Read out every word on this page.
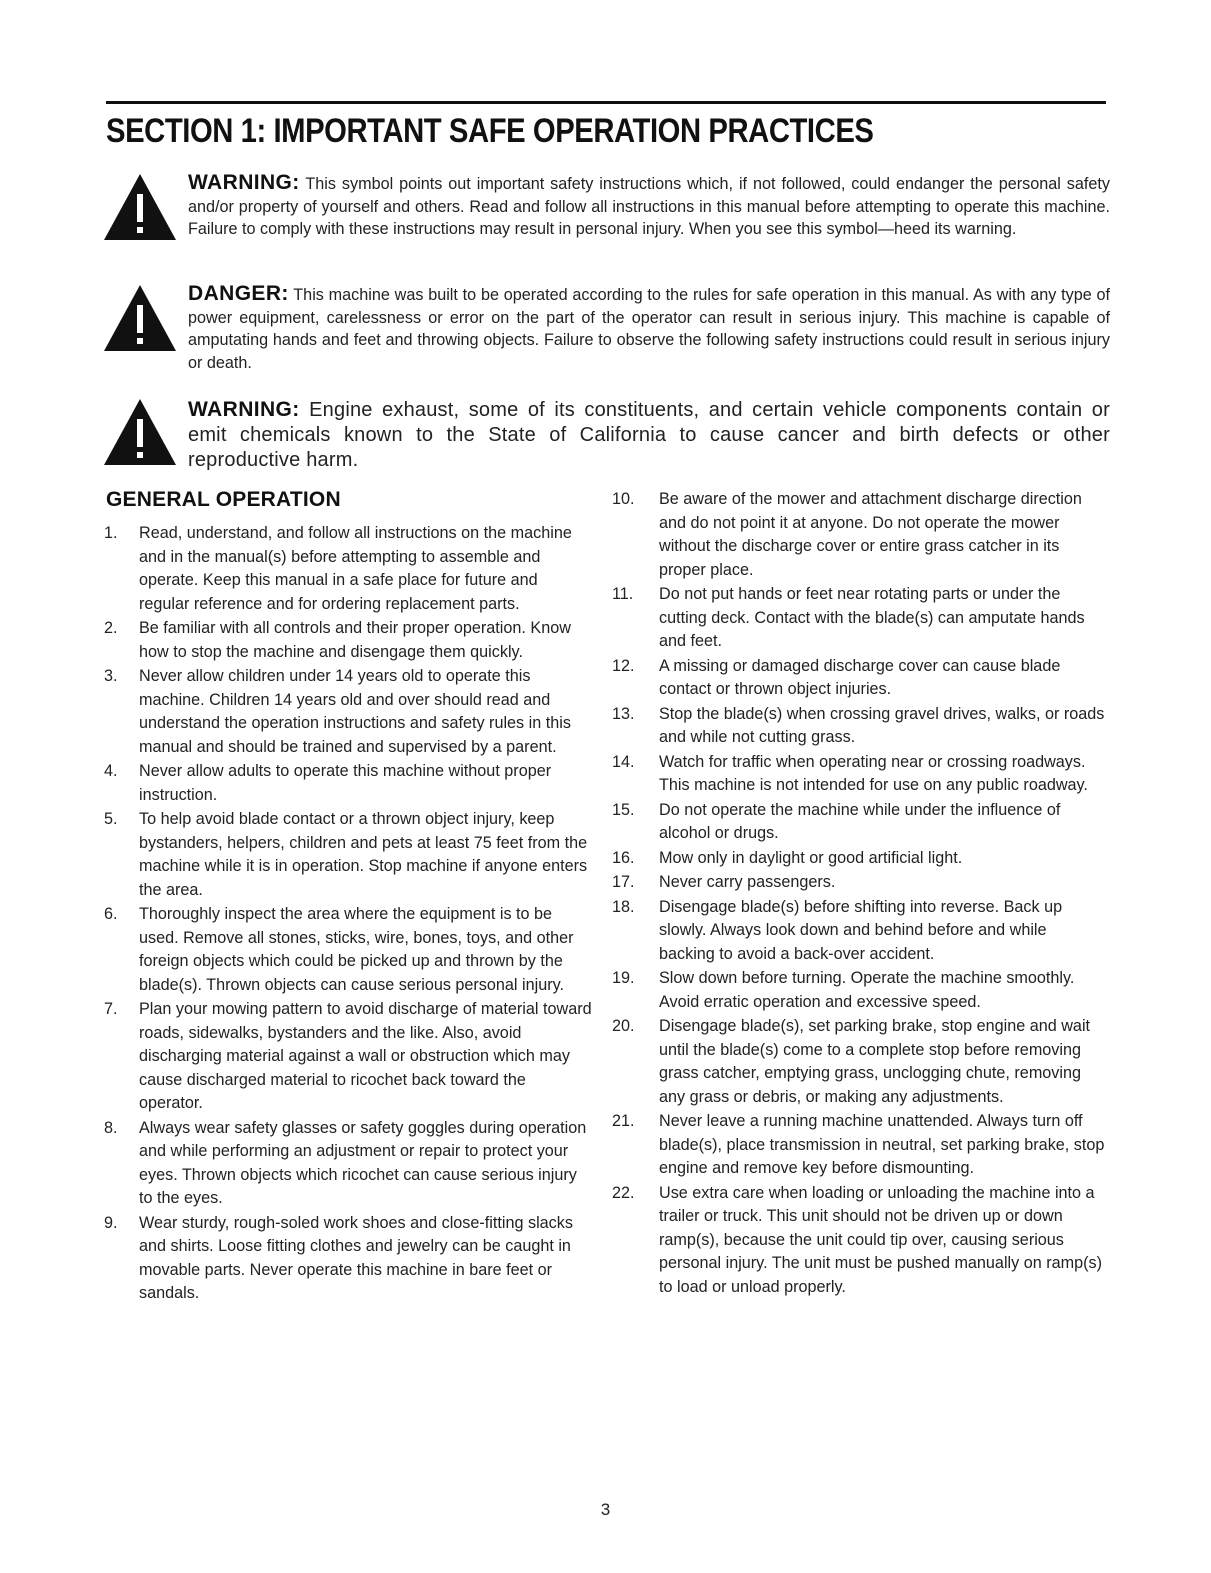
SECTION 1: IMPORTANT SAFE OPERATION PRACTICES
WARNING: This symbol points out important safety instructions which, if not followed, could endanger the personal safety and/or property of yourself and others. Read and follow all instructions in this manual before attempting to operate this machine. Failure to comply with these instructions may result in personal injury. When you see this symbol—heed its warning.
DANGER: This machine was built to be operated according to the rules for safe operation in this manual. As with any type of power equipment, carelessness or error on the part of the operator can result in serious injury. This machine is capable of amputating hands and feet and throwing objects. Failure to observe the following safety instructions could result in serious injury or death.
WARNING: Engine exhaust, some of its constituents, and certain vehicle components contain or emit chemicals known to the State of California to cause cancer and birth defects or other reproductive harm.
GENERAL OPERATION
1. Read, understand, and follow all instructions on the machine and in the manual(s) before attempting to assemble and operate. Keep this manual in a safe place for future and regular reference and for ordering replacement parts.
2. Be familiar with all controls and their proper operation. Know how to stop the machine and disengage them quickly.
3. Never allow children under 14 years old to operate this machine. Children 14 years old and over should read and understand the operation instructions and safety rules in this manual and should be trained and supervised by a parent.
4. Never allow adults to operate this machine without proper instruction.
5. To help avoid blade contact or a thrown object injury, keep bystanders, helpers, children and pets at least 75 feet from the machine while it is in operation. Stop machine if anyone enters the area.
6. Thoroughly inspect the area where the equipment is to be used. Remove all stones, sticks, wire, bones, toys, and other foreign objects which could be picked up and thrown by the blade(s). Thrown objects can cause serious personal injury.
7. Plan your mowing pattern to avoid discharge of material toward roads, sidewalks, bystanders and the like. Also, avoid discharging material against a wall or obstruction which may cause discharged material to ricochet back toward the operator.
8. Always wear safety glasses or safety goggles during operation and while performing an adjustment or repair to protect your eyes. Thrown objects which ricochet can cause serious injury to the eyes.
9. Wear sturdy, rough-soled work shoes and close-fitting slacks and shirts. Loose fitting clothes and jewelry can be caught in movable parts. Never operate this machine in bare feet or sandals.
10. Be aware of the mower and attachment discharge direction and do not point it at anyone. Do not operate the mower without the discharge cover or entire grass catcher in its proper place.
11. Do not put hands or feet near rotating parts or under the cutting deck. Contact with the blade(s) can amputate hands and feet.
12. A missing or damaged discharge cover can cause blade contact or thrown object injuries.
13. Stop the blade(s) when crossing gravel drives, walks, or roads and while not cutting grass.
14. Watch for traffic when operating near or crossing roadways. This machine is not intended for use on any public roadway.
15. Do not operate the machine while under the influence of alcohol or drugs.
16. Mow only in daylight or good artificial light.
17. Never carry passengers.
18. Disengage blade(s) before shifting into reverse. Back up slowly. Always look down and behind before and while backing to avoid a back-over accident.
19. Slow down before turning. Operate the machine smoothly. Avoid erratic operation and excessive speed.
20. Disengage blade(s), set parking brake, stop engine and wait until the blade(s) come to a complete stop before removing grass catcher, emptying grass, unclogging chute, removing any grass or debris, or making any adjustments.
21. Never leave a running machine unattended. Always turn off blade(s), place transmission in neutral, set parking brake, stop engine and remove key before dismounting.
22. Use extra care when loading or unloading the machine into a trailer or truck. This unit should not be driven up or down ramp(s), because the unit could tip over, causing serious personal injury. The unit must be pushed manually on ramp(s) to load or unload properly.
3
